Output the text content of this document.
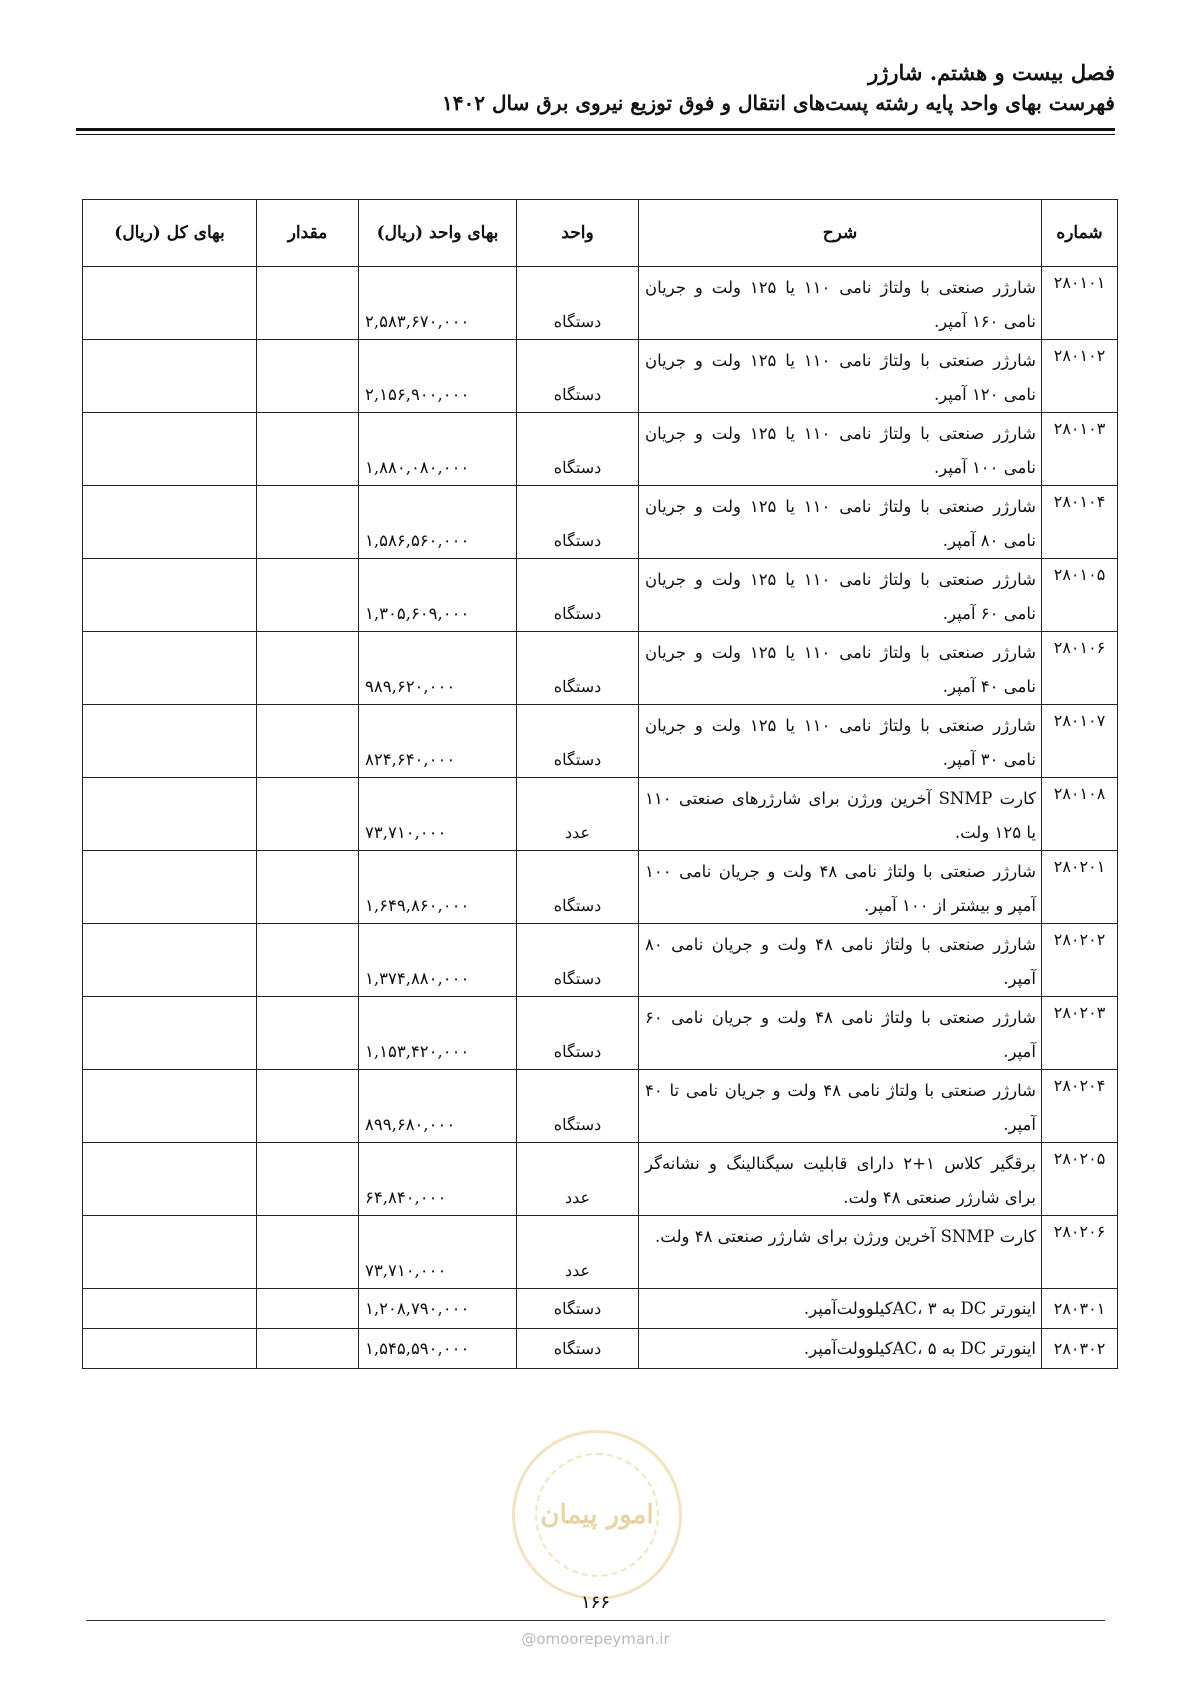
فصل بیست و هشتم. شارژر
فهرست بهای واحد پایه رشته پست‌های انتقال و فوق توزیع نیروی برق سال ۱۴۰۲
شماره	شرح	واحد	بهای واحد (ریال)	مقدار	بهای کل (ریال)
۲۸۰۱۰۱	شارژر صنعتی با ولتاژ نامی ۱۱۰ یا ۱۲۵ ولت و جریان نامی ۱۶۰ آمپر.	دستگاه	۲,۵۸۳,۶۷۰,۰۰۰		
۲۸۰۱۰۲	شارژر صنعتی با ولتاژ نامی ۱۱۰ یا ۱۲۵ ولت و جریان نامی ۱۲۰ آمپر.	دستگاه	۲,۱۵۶,۹۰۰,۰۰۰		
۲۸۰۱۰۳	شارژر صنعتی با ولتاژ نامی ۱۱۰ یا ۱۲۵ ولت و جریان نامی ۱۰۰ آمپر.	دستگاه	۱,۸۸۰,۰۸۰,۰۰۰		
۲۸۰۱۰۴	شارژر صنعتی با ولتاژ نامی ۱۱۰ یا ۱۲۵ ولت و جریان نامی ۸۰ آمپر.	دستگاه	۱,۵۸۶,۵۶۰,۰۰۰		
۲۸۰۱۰۵	شارژر صنعتی با ولتاژ نامی ۱۱۰ یا ۱۲۵ ولت و جریان نامی ۶۰ آمپر.	دستگاه	۱,۳۰۵,۶۰۹,۰۰۰		
۲۸۰۱۰۶	شارژر صنعتی با ولتاژ نامی ۱۱۰ یا ۱۲۵ ولت و جریان نامی ۴۰ آمپر.	دستگاه	۹۸۹,۶۲۰,۰۰۰		
۲۸۰۱۰۷	شارژر صنعتی با ولتاژ نامی ۱۱۰ یا ۱۲۵ ولت و جریان نامی ۳۰ آمپر.	دستگاه	۸۲۴,۶۴۰,۰۰۰		
۲۸۰۱۰۸	کارت SNMP آخرین ورژن برای شارژرهای صنعتی ۱۱۰ یا ۱۲۵ ولت.	عدد	۷۳,۷۱۰,۰۰۰		
۲۸۰۲۰۱	شارژر صنعتی با ولتاژ نامی ۴۸ ولت و جریان نامی ۱۰۰ آمپر و بیشتر از ۱۰۰ آمپر.	دستگاه	۱,۶۴۹,۸۶۰,۰۰۰		
۲۸۰۲۰۲	شارژر صنعتی با ولتاژ نامی ۴۸ ولت و جریان نامی ۸۰ آمپر.	دستگاه	۱,۳۷۴,۸۸۰,۰۰۰		
۲۸۰۲۰۳	شارژر صنعتی با ولتاژ نامی ۴۸ ولت و جریان نامی ۶۰ آمپر.	دستگاه	۱,۱۵۳,۴۲۰,۰۰۰		
۲۸۰۲۰۴	شارژر صنعتی با ولتاژ نامی ۴۸ ولت و جریان نامی تا ۴۰ آمپر.	دستگاه	۸۹۹,۶۸۰,۰۰۰		
۲۸۰۲۰۵	برقگیر کلاس ۱+۲ دارای قابلیت سیگنالینگ و نشانه‌گر برای شارژر صنعتی ۴۸ ولت.	عدد	۶۴,۸۴۰,۰۰۰		
۲۸۰۲۰۶	کارت SNMP آخرین ورژن برای شارژر صنعتی ۴۸ ولت.	عدد	۷۳,۷۱۰,۰۰۰		
۲۸۰۳۰۱	اینورتر DC به AC، ۳کیلوولت‌آمپر.	دستگاه	۱,۲۰۸,۷۹۰,۰۰۰		
۲۸۰۳۰۲	اینورتر DC به AC، ۵کیلوولت‌آمپر.	دستگاه	۱,۵۴۵,۵۹۰,۰۰۰		
امور پیمان
۱۶۶
@omoorepeyman.ir
